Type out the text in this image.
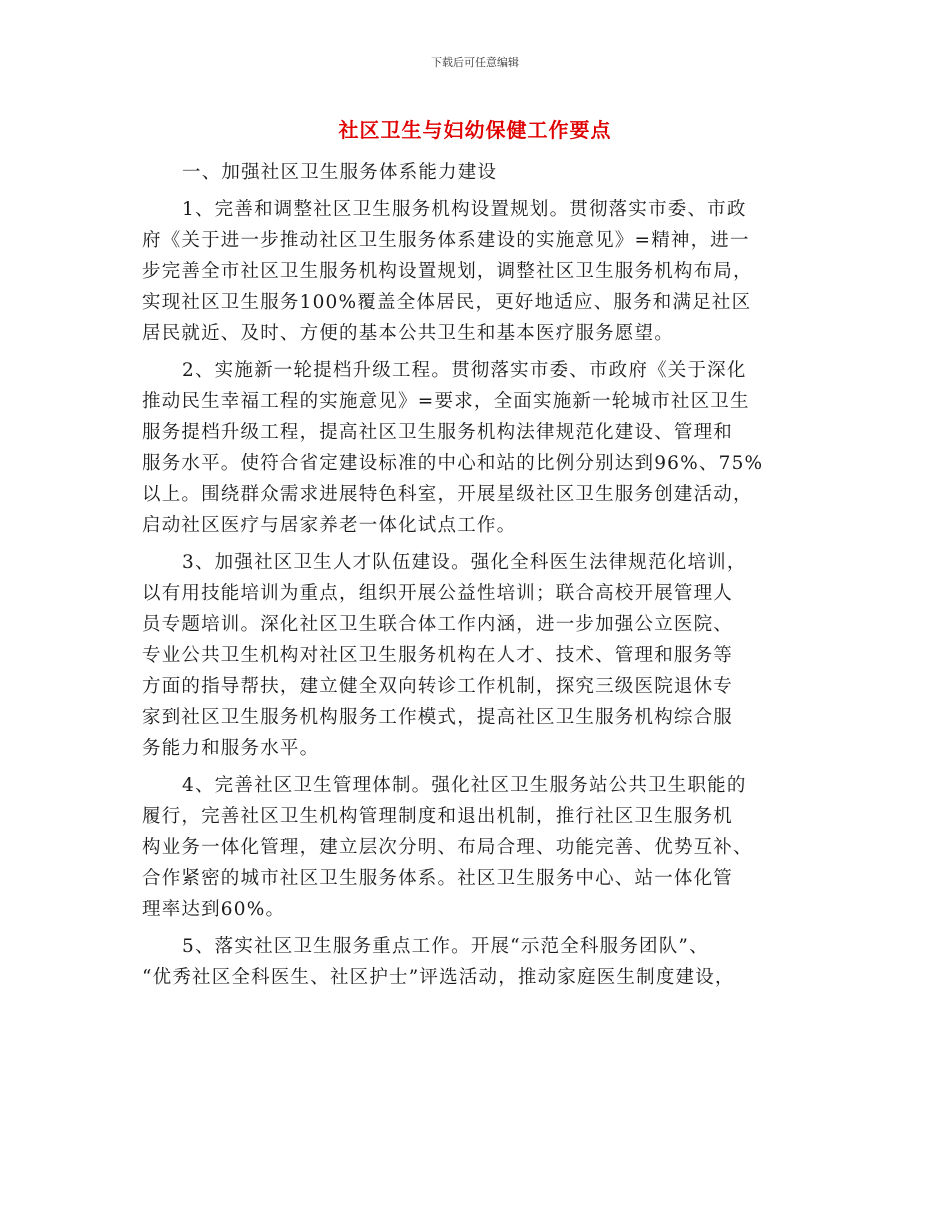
下载后可任意编辑
社区卫生与妇幼保健工作要点
一、加强社区卫生服务体系能力建设
1、完善和调整社区卫生服务机构设置规划。贯彻落实市委、市政
府《关于进一步推动社区卫生服务体系建设的实施意见》=精神，进一
步完善全市社区卫生服务机构设置规划，调整社区卫生服务机构布局，
实现社区卫生服务100%覆盖全体居民，更好地适应、服务和满足社区
居民就近、及时、方便的基本公共卫生和基本医疗服务愿望。
2、实施新一轮提档升级工程。贯彻落实市委、市政府《关于深化
推动民生幸福工程的实施意见》=要求，全面实施新一轮城市社区卫生
服务提档升级工程，提高社区卫生服务机构法律规范化建设、管理和
服务水平。使符合省定建设标准的中心和站的比例分别达到96%、75%
以上。围绕群众需求进展特色科室，开展星级社区卫生服务创建活动，
启动社区医疗与居家养老一体化试点工作。
3、加强社区卫生人才队伍建设。强化全科医生法律规范化培训，
以有用技能培训为重点，组织开展公益性培训；联合高校开展管理人
员专题培训。深化社区卫生联合体工作内涵，进一步加强公立医院、
专业公共卫生机构对社区卫生服务机构在人才、技术、管理和服务等
方面的指导帮扶，建立健全双向转诊工作机制，探究三级医院退休专
家到社区卫生服务机构服务工作模式，提高社区卫生服务机构综合服
务能力和服务水平。
4、完善社区卫生管理体制。强化社区卫生服务站公共卫生职能的
履行，完善社区卫生机构管理制度和退出机制，推行社区卫生服务机
构业务一体化管理，建立层次分明、布局合理、功能完善、优势互补、
合作紧密的城市社区卫生服务体系。社区卫生服务中心、站一体化管
理率达到60%。
5、落实社区卫生服务重点工作。开展“示范全科服务团队”、
“优秀社区全科医生、社区护士”评选活动，推动家庭医生制度建设，
